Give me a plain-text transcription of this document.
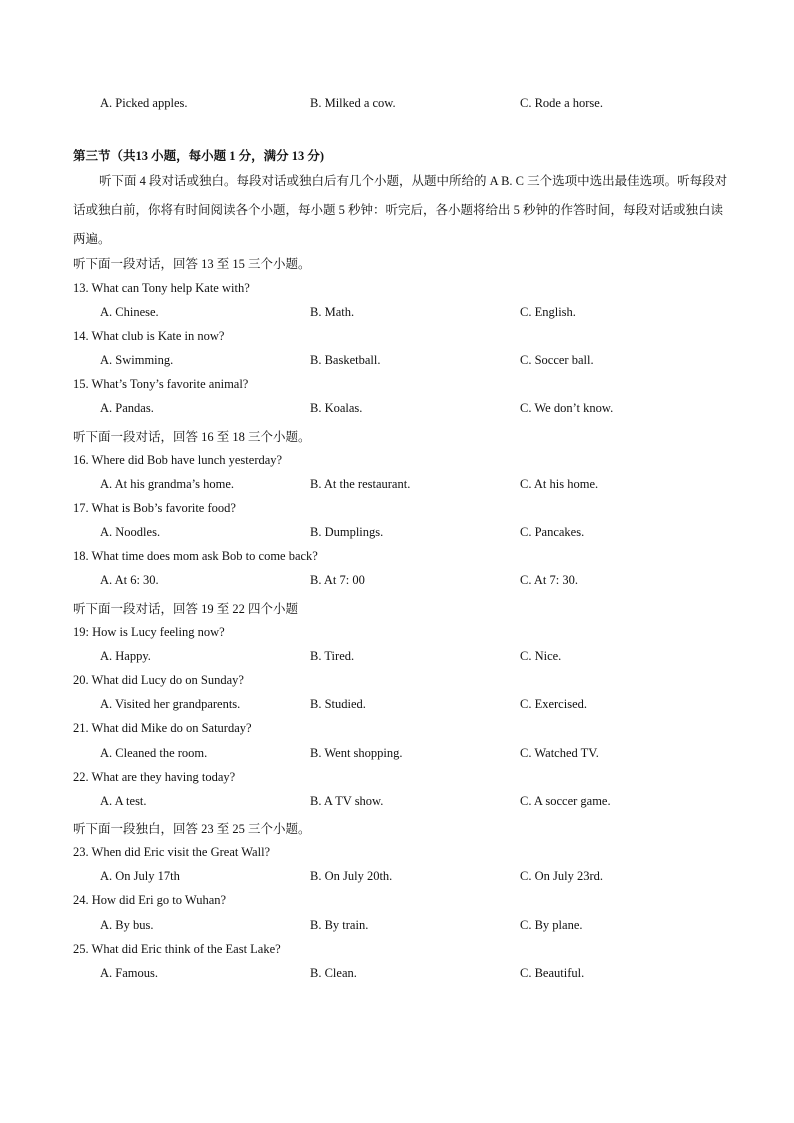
A. Picked apples.	B. Milked a cow.	C. Rode a horse.
第三节（共13 小题，每小题 1 分，满分 13 分)
听下面 4 段对话或独白。每段对话或独白后有几个小题，从题中所给的 A B. C 三个选项中选出最佳选项。听每段对话或独白前，你将有时间阅读各个小题，每小题 5 秒钟：听完后，各小题将给出 5 秒钟的作答时间，每段对话或独白读两遍。
听下面一段对话，回答 13 至 15 三个小题。
13. What can Tony help Kate with?
A. Chinese.	B. Math.	C. English.
14. What club is Kate in now?
A. Swimming.	B. Basketball.	C. Soccer ball.
15. What’s Tony’s favorite animal?
A. Pandas.	B. Koalas.	C. We don’t know.
听下面一段对话，回答 16 至 18 三个小题。
16. Where did Bob have lunch yesterday?
A. At his grandma’s home.	B. At the restaurant.	C. At his home.
17. What is Bob’s favorite food?
A. Noodles.	B. Dumplings.	C. Pancakes.
18. What time does mom ask Bob to come back?
A. At 6: 30.	B. At 7: 00	C. At 7: 30.
听下面一段对话，回答 19 至 22 四个小题
19: How is Lucy feeling now?
A. Happy.	B. Tired.	C. Nice.
20. What did Lucy do on Sunday?
A. Visited her grandparents.	B. Studied.	C. Exercised.
21. What did Mike do on Saturday?
A. Cleaned the room.	B. Went shopping.	C. Watched TV.
22. What are they having today?
A. A test.	B. A TV show.	C. A soccer game.
听下面一段独白，回答 23 至 25 三个小题。
23. When did Eric visit the Great Wall?
A. On July 17th	B. On July 20th.	C. On July 23rd.
24. How did Eri go to Wuhan?
A. By bus.	B. By train.	C. By plane.
25. What did Eric think of the East Lake?
A. Famous.	B. Clean.	C. Beautiful.
